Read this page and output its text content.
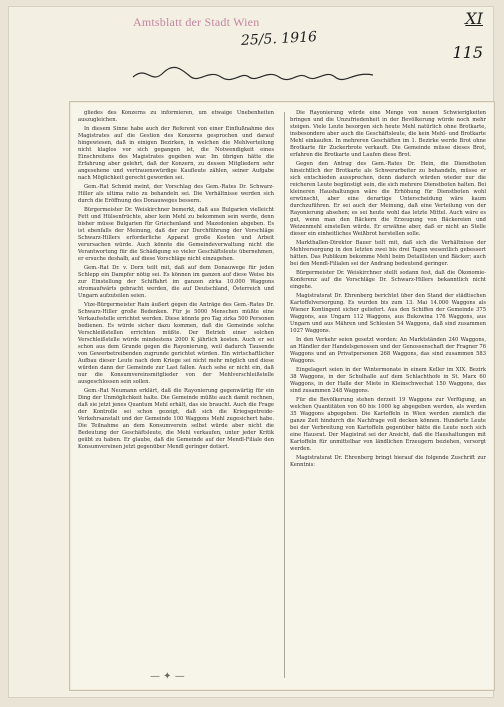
Amtsblatt der Stadt Wien	XI
25/5. 1916
115

gliedes des Konzerns zu informieren, um etwaige Unebenheiten auszugleichen.

In diesem Sinne habe auch der Referent von einer Einflußnahme des Magistrates auf die Gestion des Konzerns gesprochen und darauf hingewiesen, daß in einigen Bezirken, in welchen die Mehlverteilung nicht klaglos vor sich gegangen ist, die Notwendigkeit eines Einschreitens des Magistrates gegeben war. Im übrigen hätte die Erfahrung aber gelehrt, daß der Konzern, zu dessen Mitgliedern sehr angesehene und vertrauenswürdige Kaufleute zählen, seiner Aufgabe nach Möglichkeit gerecht geworden sei.

Gem.-Rat Schmid meint, der Vorschlag des Gem.-Rates Dr. Schwarz-Hiller als ultima ratio zu behandeln sei. Die Verhältnisse werden sich durch die Eröffnung des Donauweges bessern.

Bürgermeister Dr. Weiskirchner bemerkt, daß aus Bulgarien vielleicht Fett und Hülsenfrüchte, aber kein Mehl zu bekommen sein werde, denn bisher müsse Bulgarien für Griechenland und Mazedonien abgeben. Es ist ebenfalls der Meinung, daß der zur Durchführung der Vorschläge Schwarz-Hillers erforderliche Apparat große Kosten und Arbeit verursachen würde. Auch könnte die Gemeindeverwaltung nicht die Verantwortung für die Schädigung so vieler Geschäftsleute übernehmen, er ersuche deshalb, auf diese Vorschläge nicht einzugehen.

Gem.-Rat Dr. v. Dorn teilt mit, daß auf dem Donauwege für jeden Schlepp ein Dampfer nötig sei. Es können im ganzen auf diese Weise bis zur Einstellung der Schiffahrt im ganzen zirka 10.000 Waggons stromaufwärts gebracht werden, die auf Deutschland, Österreich und Ungarn aufzuteilen seien.

Vize-Bürgermeister Rain äußert gegen die Anträge des Gem.-Rates Dr. Schwarz-Hiller große Bedenken. Für je 5000 Menschen müßte eine Verkaufsstelle errichtet werden. Diese könnte pro Tag zirka 500 Personen bedienen. Es würde sicher dazu kommen, daß die Gemeinde solche Verschleißstellen errichten müßte. Der Betrieb einer solchen Verschleißstelle würde mindestens 2000 K jährlich kosten. Auch er sei schon aus dem Grunde gegen die Rayonierung, weil dadurch Tausende von Gewerbetreibenden zugrunde gerichtet würden. Ein wirtschaftlicher Aufbau dieser Leute nach dem Kriege sei nicht mehr möglich und diese würden dann der Gemeinde zur Last fallen. Auch sehe er nicht ein, daß nur die Konsumvereinsmitglieder von der Mehlverschleißstelle ausgeschlossen sein sollen.

Gem.-Rat Neumann erklärt, daß die Rayonierung gegenwärtig für ein Ding der Unmöglichkeit halte. Die Gemeinde müßte auch damit rechnen, daß sie jetzt jenes Quantum Mehl erhält, das sie braucht. Auch die Frage der Kontrolle sei schon gezeigt, daß sich die Kriegsgetreide-Verkehrsanstalt und der Gemeinde 100 Waggons Mehl zugesichert habe. Die Teilnahme an dem Konsumverein selbst würde aber nicht die Bedeutung der Geschäftsleute, die Mehl verkaufen, unter jeder Kritik geübt zu haben. Er glaube, daß die Gemeinde auf der Mendl-Filiale den Konsumvereinen jetzt gegenüber Mendl geringer dotiert.

Die Rayonierung würde eine Menge von neuen Schwierigkeiten bringen und die Unzufriedenheit in der Bevölkerung würde noch mehr steigen. Viele Leute besorgen sich heute Mehl natürlich ohne Brotkarte, insbesondere aber auch die Geschäftsleute, die kein Mehl- und Brotkarte Mehl einkaufen. In mehreren Geschäften im 1. Bezirke werde Brot ohne Brotkarte für Zuckerbrote verkauft. Die Gemeinde müsse dieses Brot, erfahren die Brotkarte und Laufen diese Brot.

Gegen den Antrag des Gem.-Rates Dr. Hein, die Dienstboten hinsichtlich der Brotkarte als Schwerarbeiter zu behandeln, müsse er sich entschieden aussprechen, denn dadurch würden wieder nur die reicheren Leute begünstigt sein, die sich mehrere Dienstboten halten. Bei kleineren Haushaltungen wäre die Erhöhung für Dienstboten wohl erwünscht, aber eine derartige Unterscheidung wäre kaum durchzuführen. Er sei auch der Meinung, daß eine Verteilung von der Rayonierung absehen; es sei heute wohl das letzte Mittel. Auch wäre es gut, wenn man den Bäckern die Erzeugung von Bäckereien und Weizenmehl einstellen würde. Er erwähne aber, daß er nicht an Stelle dieser ein einheitliches Weißbrot herstellen solle.

Markthallen-Direktor Bauer teilt mit, daß sich die Verhältnisse der Mehlversorgung in den letzten zwei bis drei Tagen wesentlich gebessert hätten. Das Publikum bekomme Mehl beim Detaillisten und Bäcker; auch bei den Mendl-Filialen sei der Andrang bedeutend geringer.

Bürgermeister Dr. Weiskirchner stellt sodann fest, daß die Ökonomie-Konferenz auf die Vorschläge Dr. Schwarz-Hillers bekanntlich nicht eingehe.

Magistratsrat Dr. Ehrenberg berichtet über den Stand der städtischen Kartoffelversorgung. Es wurden bis zum 13. Mai 14.000 Waggons als Wiener Kontingent sicher geliefert. Aus den Schiffen der Gemeinde 375 Waggons, aus Ungarn 112 Waggons, aus Bukowina 176 Waggons, aus Ungarn und aus Mähren und Schlesien 54 Waggons, daß sind zusammen 1027 Waggons.

In den Verkehr seien gesetzt worden: An Marktständen 240 Waggons, an Händler der Handelsgenossen und der Genossenschaft der Fragner 76 Waggons und an Privatpersonen 268 Waggons, das sind zusammen 583 Waggons.

Eingelagert seien in der Wintermonate in einem Keller im XIX. Bezirk 38 Waggons, in der Schulhalle auf dem Schlachthofe in St. Marx 60 Waggons, in der Halle der Miete in Kleinschwechat 150 Waggons, das sind zusammen 248 Waggons.

Für die Bevölkerung stehen derzeit 19 Waggons zur Verfügung, an welchen Quantitäten von 60 bis 1000 kg abgegeben werden, als werden 35 Waggons abgegeben. Die Kartoffeln in Wien werden ziemlich die ganze Zeit hindurch die Nachfrage voll decken können. Hunderte Leute bei der Verbreitung von Kartoffeln gegenüber hätte die Leute noch sich eine Hausrat. Der Magistrat sei der Ansicht, daß die Haushaltungen mit Kartoffeln für unmittelbar von ländlichen Erzeugern beziehen, versorgt werden.

Magistratsrat Dr. Ehrenberg bringt hierauf die folgende Zuschrift zur Kenntnis:

— ✦ —
